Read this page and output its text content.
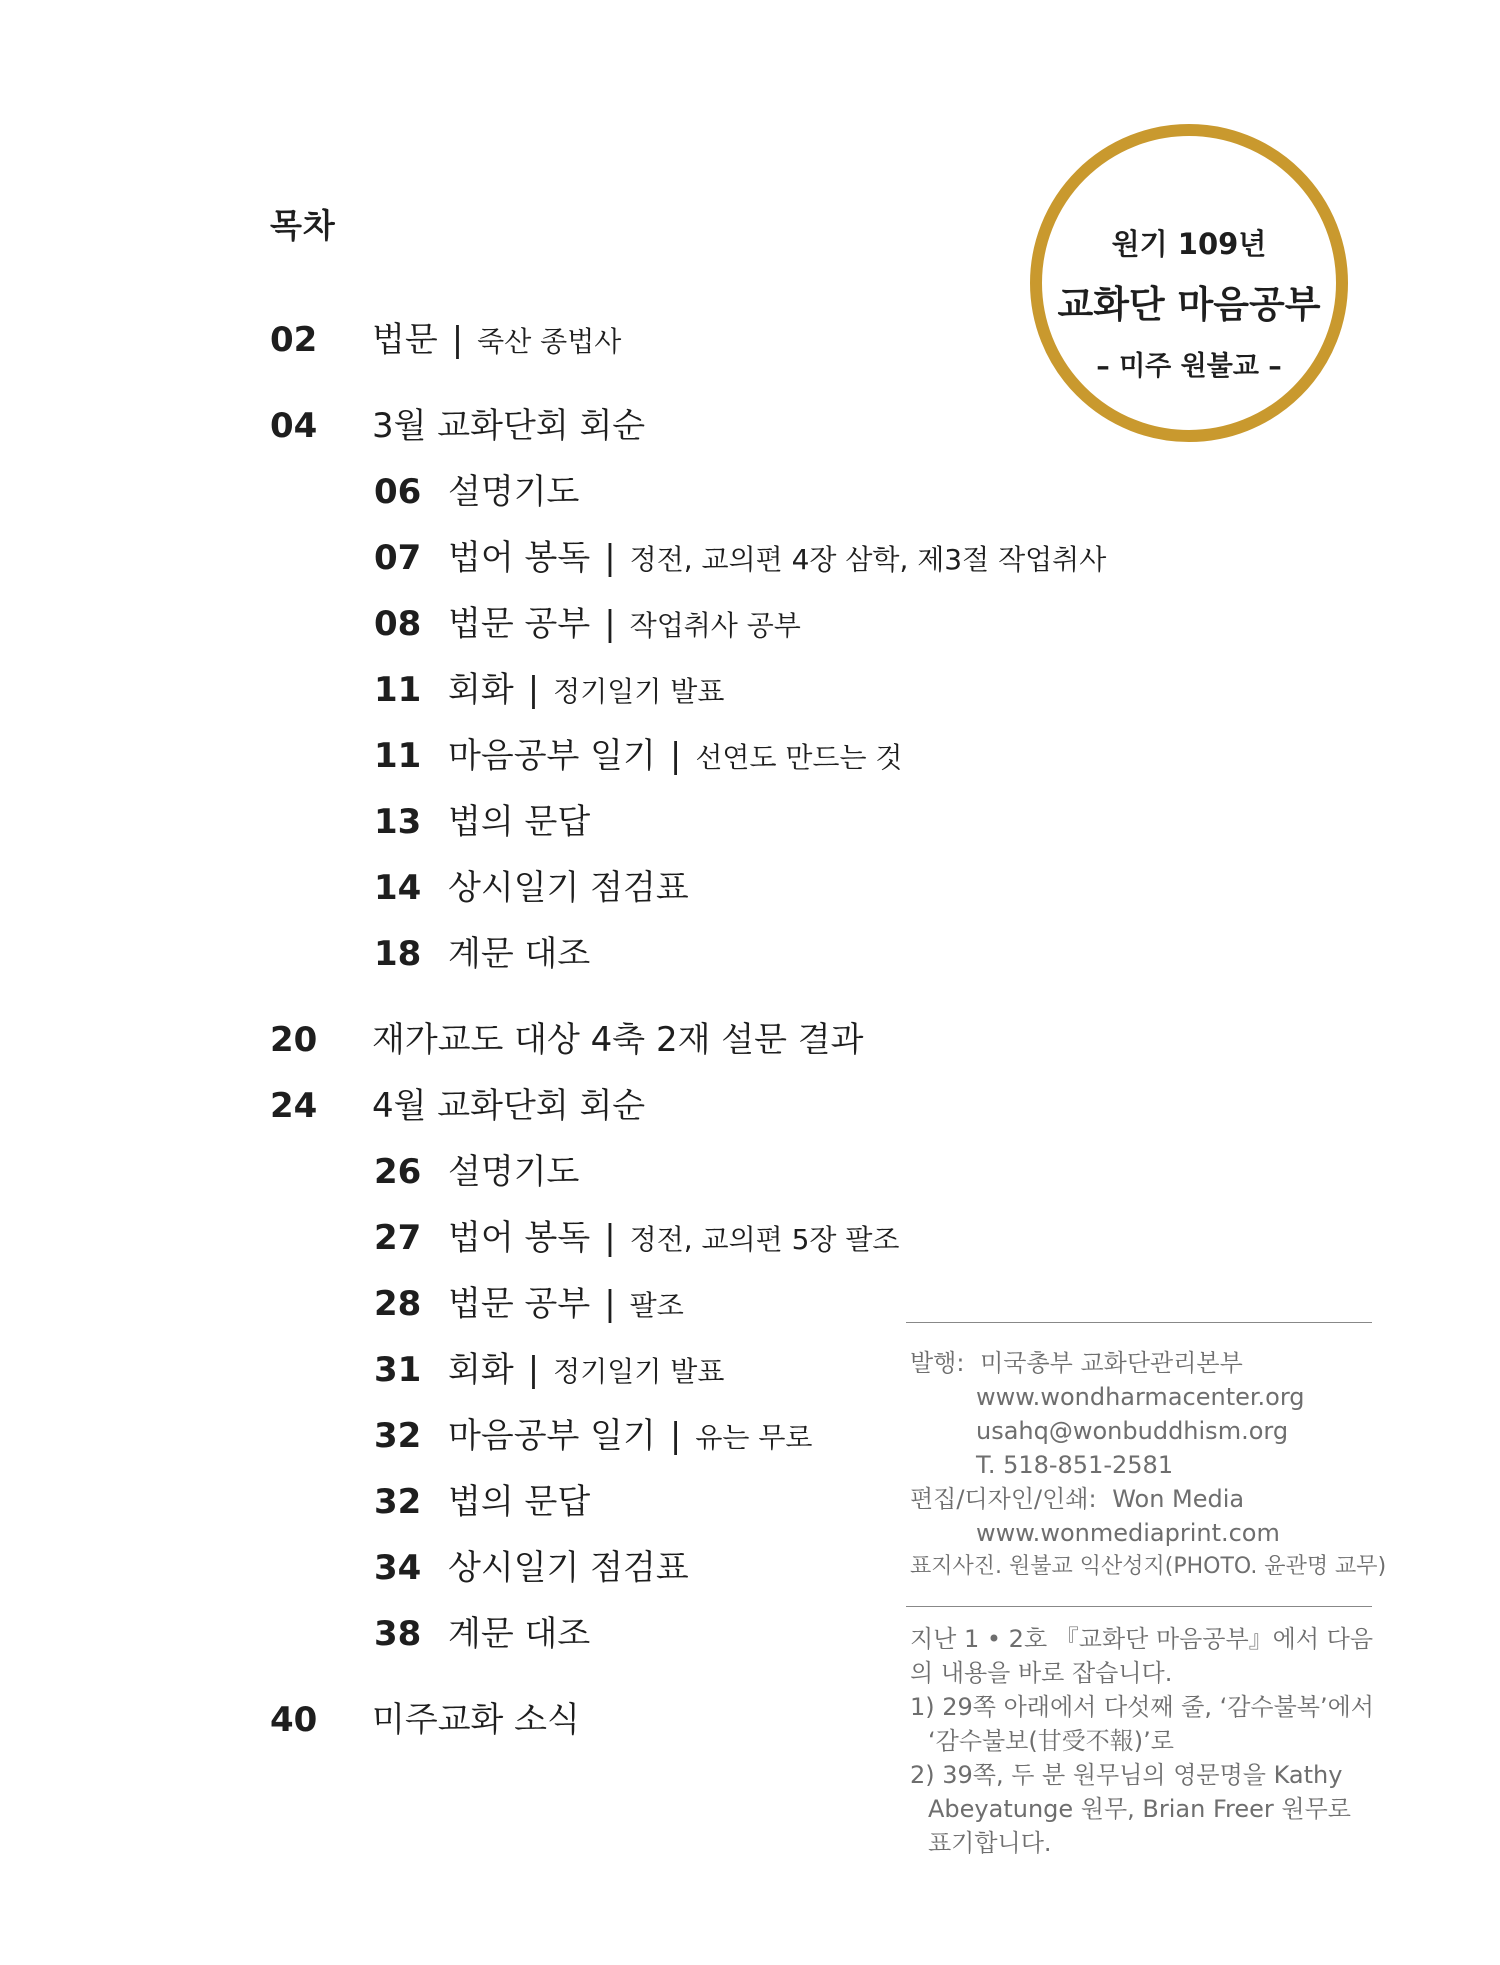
목차	원기 109년
교화단 마음공부
– 미주 원불교 –
02 법문 | 죽산 종법사
04 3월 교화단회 회순
06 설명기도
07 법어 봉독 | 정전, 교의편 4장 삼학, 제3절 작업취사
08 법문 공부 | 작업취사 공부
11 회화 | 정기일기 발표
11 마음공부 일기 | 선연도 만드는 것
13 법의 문답
14 상시일기 점검표
18 계문 대조
20 재가교도 대상 4축 2재 설문 결과
24 4월 교화단회 회순
26 설명기도
27 법어 봉독 | 정전, 교의편 5장 팔조
28 법문 공부 | 팔조
31 회화 | 정기일기 발표
32 마음공부 일기 | 유는 무로
32 법의 문답
34 상시일기 점검표
38 계문 대조
40 미주교화 소식
발행: 미국총부 교화단관리본부
www.wondharmacenter.org
usahq@wonbuddhism.org
T. 518-851-2581
편집/디자인/인쇄: Won Media
www.wonmediaprint.com
표지사진. 원불교 익산성지(PHOTO. 윤관명 교무)
지난 1 • 2호 『교화단 마음공부』에서 다음
의 내용을 바로 잡습니다.
1) 29쪽 아래에서 다섯째 줄, ‘감수불복’에서
‘감수불보(甘受不報)’로
2) 39쪽, 두 분 원무님의 영문명을 Kathy
Abeyatunge 원무, Brian Freer 원무로
표기합니다.
